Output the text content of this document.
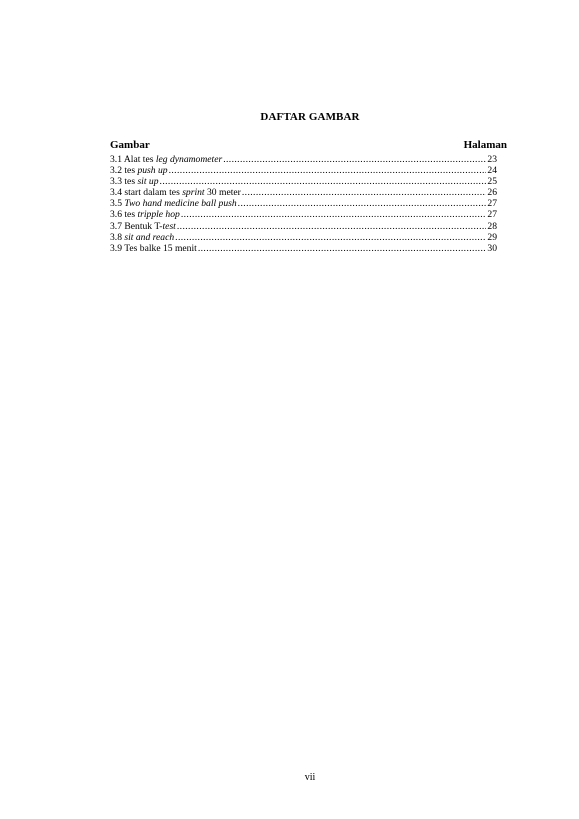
DAFTAR GAMBAR
Gambar	Halaman
3.1 Alat tes leg dynamometer .....	23
3.2 tes push up .....	24
3.3 tes sit up .....	25
3.4 start dalam tes sprint 30 meter .....	26
3.5 Two hand medicine ball push .....	27
3.6 tes tripple hop .....	27
3.7 Bentuk T-test .....	28
3.8 sit and reach .....	29
3.9 Tes balke 15 menit .....	30
vii
